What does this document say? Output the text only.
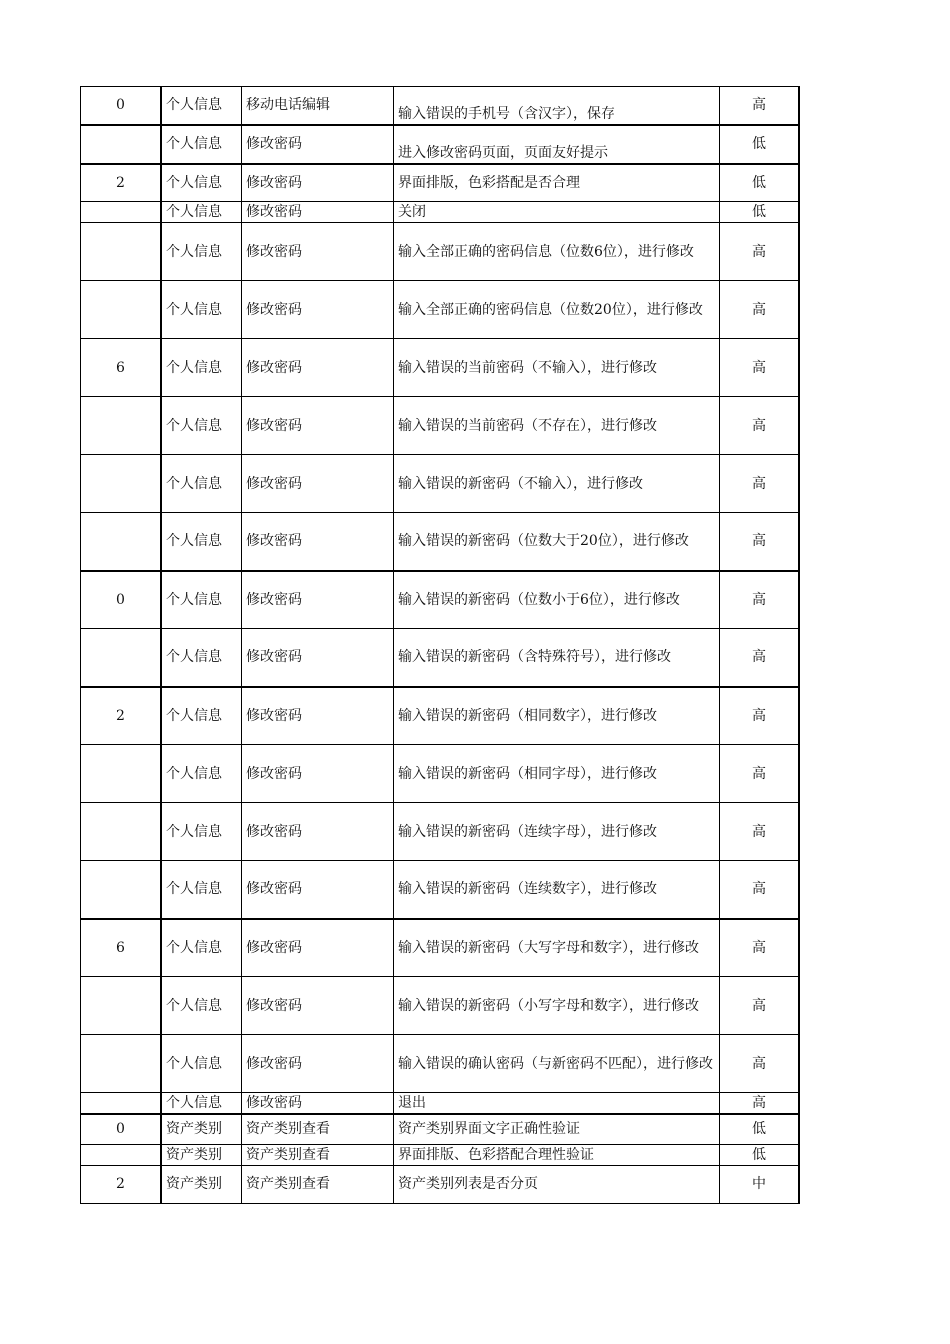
0	个人信息	移动电话编辑	输入错误的手机号（含汉字），保存	高
	个人信息	修改密码	进入修改密码页面，页面友好提示	低
2	个人信息	修改密码	界面排版，色彩搭配是否合理	低
	个人信息	修改密码	关闭	低
	个人信息	修改密码	输入全部正确的密码信息（位数6位），进行修改	高
	个人信息	修改密码	输入全部正确的密码信息（位数20位），进行修改	高
6	个人信息	修改密码	输入错误的当前密码（不输入），进行修改	高
	个人信息	修改密码	输入错误的当前密码（不存在），进行修改	高
	个人信息	修改密码	输入错误的新密码（不输入），进行修改	高
	个人信息	修改密码	输入错误的新密码（位数大于20位），进行修改	高
0	个人信息	修改密码	输入错误的新密码（位数小于6位），进行修改	高
	个人信息	修改密码	输入错误的新密码（含特殊符号），进行修改	高
2	个人信息	修改密码	输入错误的新密码（相同数字），进行修改	高
	个人信息	修改密码	输入错误的新密码（相同字母），进行修改	高
	个人信息	修改密码	输入错误的新密码（连续字母），进行修改	高
	个人信息	修改密码	输入错误的新密码（连续数字），进行修改	高
6	个人信息	修改密码	输入错误的新密码（大写字母和数字），进行修改	高
	个人信息	修改密码	输入错误的新密码（小写字母和数字），进行修改	高
	个人信息	修改密码	输入错误的确认密码（与新密码不匹配），进行修改	高
	个人信息	修改密码	退出	高
0	资产类别	资产类别查看	资产类别界面文字正确性验证	低
	资产类别	资产类别查看	界面排版、色彩搭配合理性验证	低
2	资产类别	资产类别查看	资产类别列表是否分页	中
